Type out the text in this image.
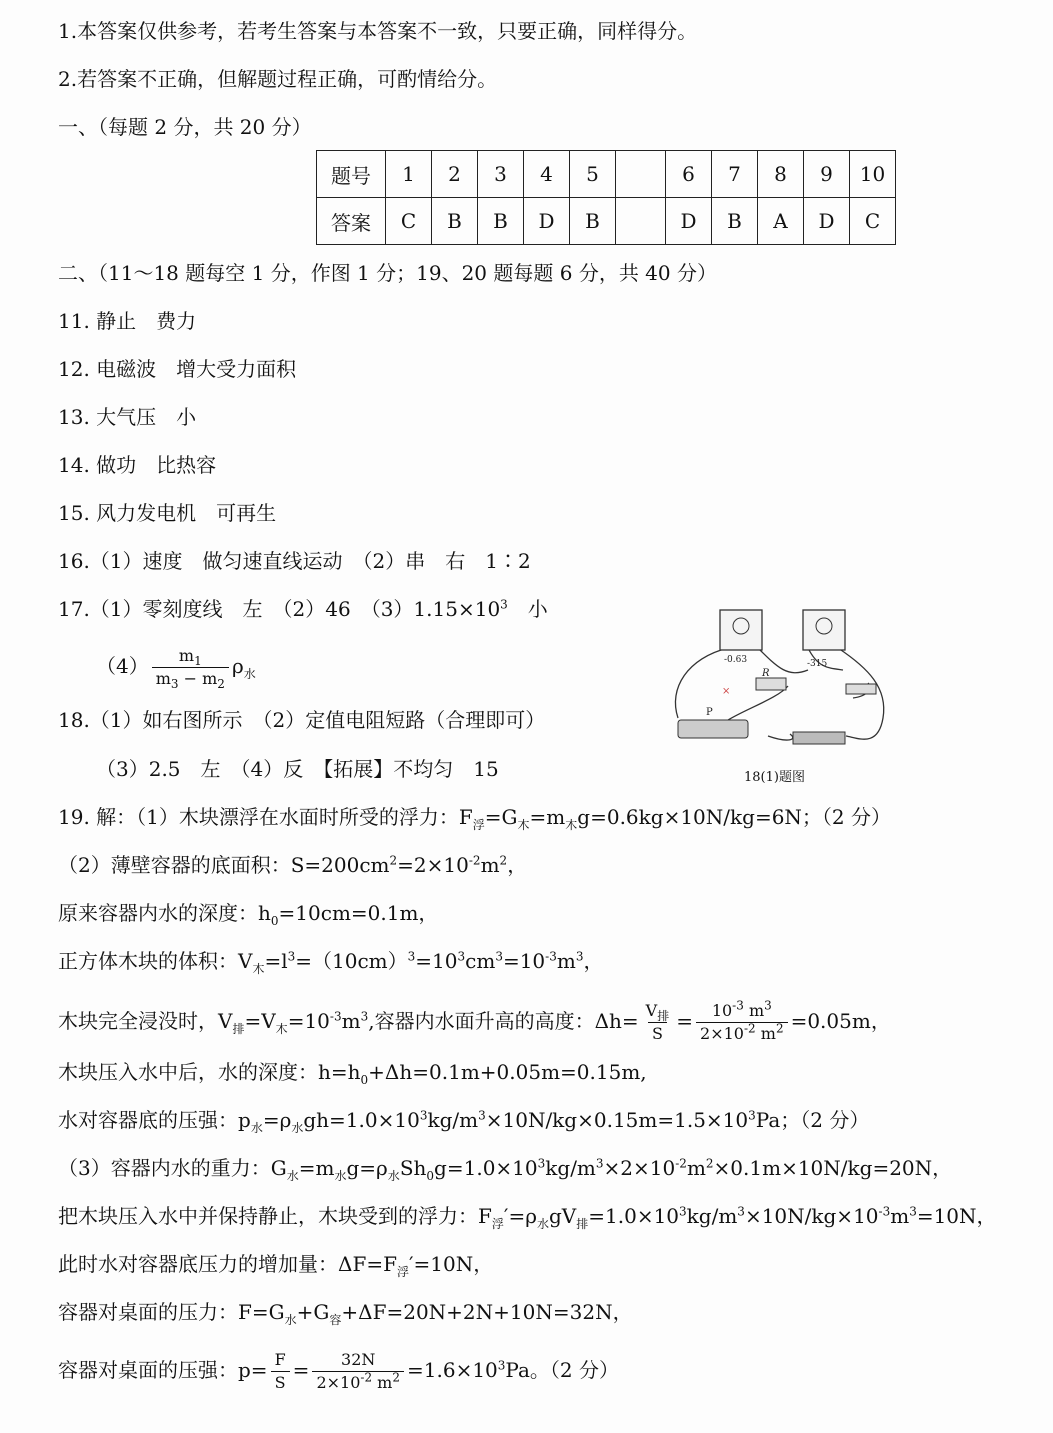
1.本答案仅供参考，若考生答案与本答案不一致，只要正确，同样得分。
2.若答案不正确，但解题过程正确，可酌情给分。
一、（每题 2 分，共 20 分）
题号	1	2	3	4	5		6	7	8	9	10
答案	C	B	B	D	B		D	B	A	D	C
二、（11～18 题每空 1 分，作图 1 分；19、20 题每题 6 分，共 40 分）
11. 静止　费力
12. 电磁波　增大受力面积
13. 大气压　小
14. 做功　比热容
15. 风力发电机　可再生
16.（1）速度　做匀速直线运动　（2）串　右　1∶2
17.（1）零刻度线　左　（2）46　$(3)1.15\times 10^3$　小
$(4) \frac{m_1}{m_3 - m_2} \rho_水$
18.（1）如右图所示　（2）定值电阻短路（合理即可）
（3）2.5　左　（4）反　【拓展】不均匀　15
-0.63	-315
R
P
×
18(1)题图
19. 解：（1）木块漂浮在水面时所受的浮力：$F_浮=G_木=m_木g=0.6kg\times 10N/kg=6N$；（2 分）
（2）薄壁容器的底面积：$S=200cm^2=2\times 10^{-2}m^2$，
原来容器内水的深度：$h_0=10cm=0.1m$，
正方体木块的体积：$V_木=l^3=(10cm)^3=10^3cm^3=10^{-3}m^3$，
木块完全浸没时，$V_排=V_木=10^{-3}m^3$,容器内水面升高的高度：$\Delta h= \frac{V_排}{S} = \frac{10^{-3} m^3}{2\times 10^{-2} m^2} =0.05m$，
木块压入水中后，水的深度：$h=h_0+\Delta h=0.1m+0.05m=0.15m$,
水对容器底的压强：$p_水=\rho_水gh=1.0\times 10^3kg/m^3\times 10N/kg\times 0.15m=1.5\times 10^3Pa$；（2 分）
（3）容器内水的重力：$G_水=m_水g=\rho_水Sh_0g=1.0\times 10^3kg/m^3\times 2\times 10^{-2}m^2\times 0.1m\times 10N/kg=20N$，
把木块压入水中并保持静止，木块受到的浮力：$F_浮'=\rho_水gV_排=1.0\times 10^3kg/m^3\times 10N/kg\times 10^{-3}m^3=10N$，
此时水对容器底压力的增加量：$\Delta F=F_浮'=10N$，
容器对桌面的压力：$F=G_水+G_容+\Delta F=20N+2N+10N=32N$，
容器对桌面的压强：$p= \frac{F}{S} = \frac{32N}{2\times 10^{-2} m^2} =1.6\times 10^3Pa$。（2 分）
